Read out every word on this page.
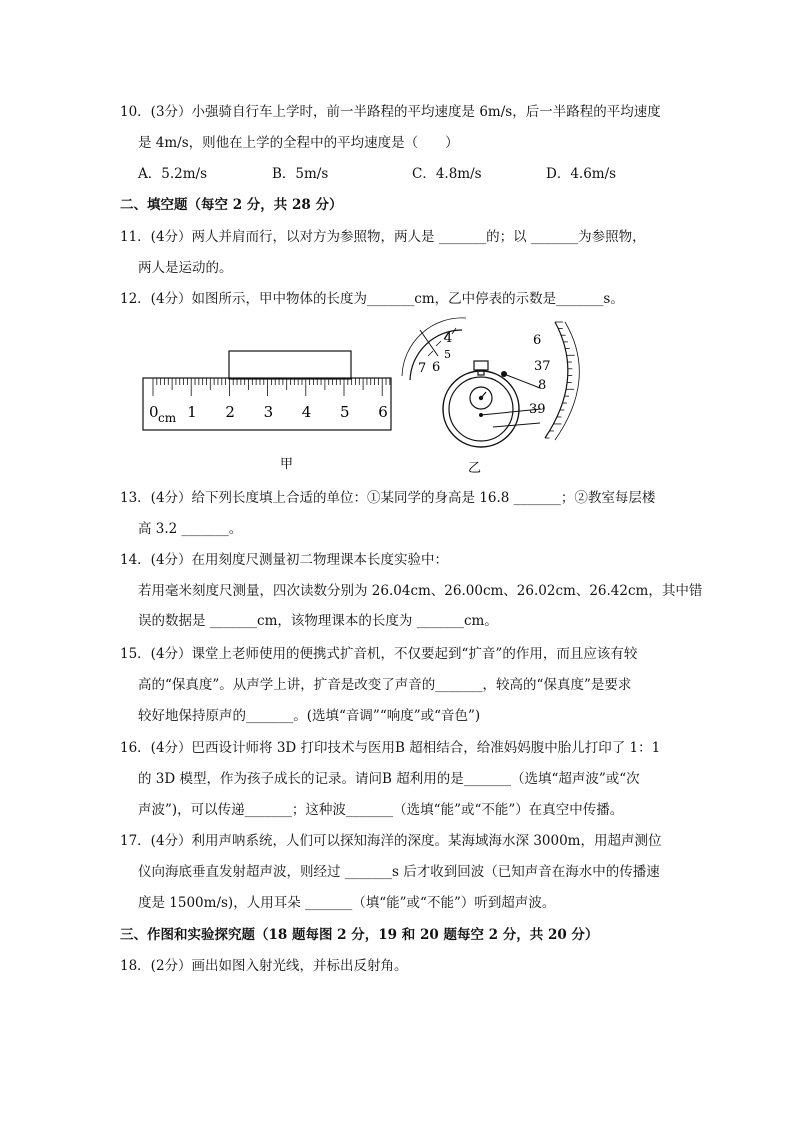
10．(3分）小强骑自行车上学时，前一半路程的平均速度是 6m/s，后一半路程的平均速度
是 4m/s，则他在上学的全程中的平均速度是（　　）
A．5.2m/s	B．5m/s	C．4.8m/s	D．4.6m/s
二、填空题（每空 2 分，共 28 分）
11．(4分）两人并肩而行，以对方为参照物，两人是 _______的；以 _______为参照物，
两人是运动的。
12．(4分）如图所示，甲中物体的长度为_______cm，乙中停表的示数是_______s。
0 1 2 3 4 5 6
cm
4
5
6
7
6
37
8
39
甲	乙
13．(4分）给下列长度填上合适的单位：①某同学的身高是 16.8 _______；②教室每层楼
高 3.2 _______。
14．(4分）在用刻度尺测量初二物理课本长度实验中：
若用毫米刻度尺测量，四次读数分别为 26.04cm、26.00cm、26.02cm、26.42cm，其中错
误的数据是 _______cm，该物理课本的长度为 _______cm。
15．(4分）课堂上老师使用的便携式扩音机，不仅要起到“扩音”的作用，而且应该有较
高的“保真度”。从声学上讲，扩音是改变了声音的_______，较高的“保真度”是要求
较好地保持原声的_______。(选填“音调”“响度”或“音色”)
16．(4分）巴西设计师将 3D 打印技术与医用B 超相结合，给准妈妈腹中胎儿打印了 1：1
的 3D 模型，作为孩子成长的记录。请问B 超利用的是_______（选填“超声波”或“次
声波”)，可以传递_______；这种波_______（选填“能”或“不能”）在真空中传播。
17．(4分）利用声呐系统，人们可以探知海洋的深度。某海域海水深 3000m，用超声测位
仪向海底垂直发射超声波，则经过 _______s 后才收到回波（已知声音在海水中的传播速
度是 1500m/s)，人用耳朵 _______（填“能”或“不能”）听到超声波。
三、作图和实验探究题（18 题每图 2 分，19 和 20 题每空 2 分，共 20 分）
18．(2分）画出如图入射光线，并标出反射角。
